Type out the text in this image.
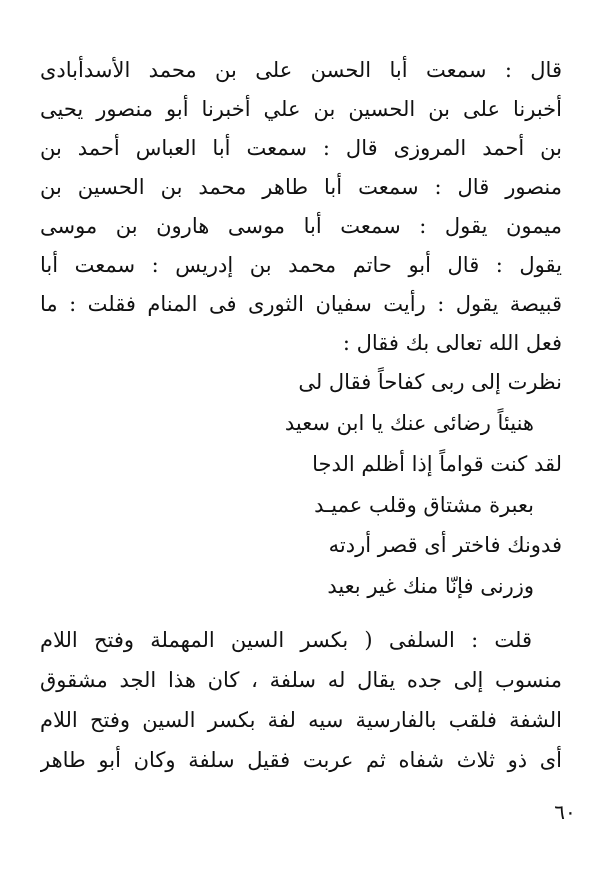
قال : سمعت أبا الحسن على بن محمد الأسدأبادى
أخبرنا على بن الحسين بن علي أخبرنا أبو منصور يحيى
بن أحمد المروزى قال : سمعت أبا العباس أحمد بن
منصور قال : سمعت أبا طاهر محمد بن الحسين بن
ميمون يقول : سمعت أبا موسى هارون بن موسى
يقول : قال أبو حاتم محمد بن إدريس : سمعت أبا
قبيصة يقول : رأيت سفيان الثورى فى المنام فقلت : ما
فعل الله تعالى بك فقال :
نظرت إلى ربى كفاحاً فقال لى
هنيئاً رضائى عنك يا ابن سعيد
لقد كنت قواماً إذا أظلم الدجا
بعبرة مشتاق وقلب عميـد
فدونك فاختر أى قصر أردته
وزرنى فإنّا منك غير بعيد
قلت : السلفى ( بكسر السين المهملة وفتح اللام
منسوب إلى جده يقال له سلفة ، كان هذا الجد مشقوق
الشفة فلقب بالفارسية سيه لفة بكسر السين وفتح اللام
أى ذو ثلاث شفاه ثم عربت فقيل سلفة وكان أبو طاهر
٦٠
